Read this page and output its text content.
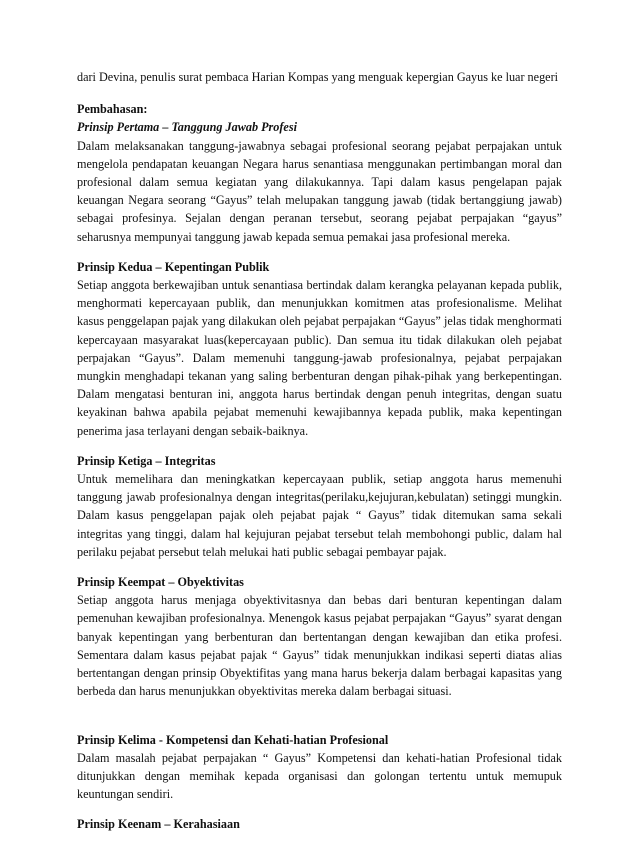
dari Devina, penulis surat pembaca Harian Kompas yang menguak kepergian Gayus ke luar negeri

Pembahasan:

Prinsip Pertama – Tanggung Jawab Profesi

Dalam melaksanakan tanggung-jawabnya sebagai profesional seorang pejabat perpajakan untuk mengelola pendapatan keuangan Negara harus senantiasa menggunakan pertimbangan moral dan profesional dalam semua kegiatan yang dilakukannya. Tapi dalam kasus pengelapan pajak keuangan Negara seorang “Gayus” telah melupakan tanggung jawab (tidak bertanggiung jawab) sebagai profesinya. Sejalan dengan peranan tersebut, seorang pejabat perpajakan “gayus” seharusnya mempunyai tanggung jawab kepada semua pemakai jasa profesional mereka.

Prinsip Kedua – Kepentingan Publik

Setiap anggota berkewajiban untuk senantiasa bertindak dalam kerangka pelayanan kepada publik, menghormati kepercayaan publik, dan menunjukkan komitmen atas profesionalisme. Melihat kasus penggelapan pajak yang dilakukan oleh pejabat perpajakan “Gayus” jelas tidak menghormati kepercayaan masyarakat luas(kepercayaan public). Dan semua itu tidak dilakukan oleh pejabat perpajakan “Gayus”. Dalam memenuhi tanggung-jawab profesionalnya, pejabat perpajakan mungkin menghadapi tekanan yang saling berbenturan dengan pihak-pihak yang berkepentingan. Dalam mengatasi benturan ini, anggota harus bertindak dengan penuh integritas, dengan suatu keyakinan bahwa apabila pejabat memenuhi kewajibannya kepada publik, maka kepentingan penerima jasa terlayani dengan sebaik-baiknya.

Prinsip Ketiga – Integritas

Untuk memelihara dan meningkatkan kepercayaan publik, setiap anggota harus memenuhi tanggung jawab profesionalnya dengan integritas(perilaku,kejujuran,kebulatan) setinggi mungkin. Dalam kasus penggelapan pajak oleh pejabat pajak “ Gayus” tidak ditemukan sama sekali integritas yang tinggi, dalam hal kejujuran pejabat tersebut telah membohongi public, dalam hal perilaku pejabat persebut telah melukai hati public sebagai pembayar pajak.

Prinsip Keempat – Obyektivitas

Setiap anggota harus menjaga obyektivitasnya dan bebas dari benturan kepentingan dalam pemenuhan kewajiban profesionalnya. Menengok kasus pejabat perpajakan “Gayus” syarat dengan banyak kepentingan yang berbenturan dan bertentangan dengan kewajiban dan etika profesi. Sementara dalam kasus pejabat pajak “ Gayus” tidak menunjukkan indikasi seperti diatas alias bertentangan dengan prinsip Obyektifitas yang mana harus bekerja dalam berbagai kapasitas yang berbeda dan harus menunjukkan obyektivitas mereka dalam berbagai situasi.

Prinsip Kelima - Kompetensi dan Kehati-hatian Profesional

Dalam masalah pejabat perpajakan “ Gayus” Kompetensi dan kehati-hatian Profesional tidak ditunjukkan dengan memihak kepada organisasi dan golongan tertentu untuk memupuk keuntungan sendiri.

Prinsip Keenam – Kerahasiaan
